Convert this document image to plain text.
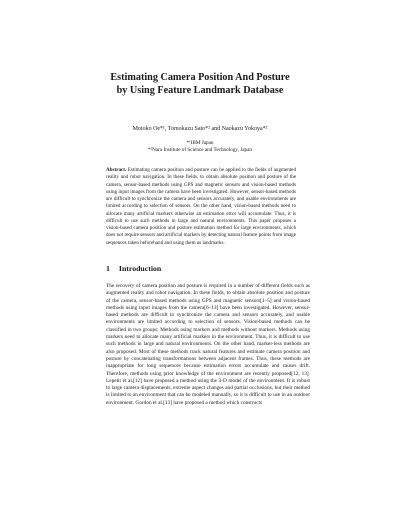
Estimating Camera Position And Posture
by Using Feature Landmark Database
Motoko Oe*¹, Tomokazu Sato*² and Naokazu Yokoya*²
*¹IBM Japan
*²Nara Institute of Science and Technology, Japan

Abstract. Estimating camera position and posture can be applied to the fields of augmented reality and robot navigation. In these fields, to obtain absolute position and posture of the camera, sensor-based methods using GPS and magnetic sensors and vision-based methods using input images from the camera have been investigated. However, sensor-based methods are difficult to synchronize the camera and sensors accurately, and usable environments are limited according to selection of sensors. On the other hand, vision-based methods need to allocate many artificial markers otherwise an estimation error will accumulate. Thus, it is difficult to use such methods in large and natural environments. This paper proposes a vision-based camera position and posture estimation method for large environments, which does not require sensors and artificial markers by detecting natural feature points from image sequences taken beforehand and using them as landmarks.

1 Introduction

The recovery of camera position and posture is required in a number of different fields such as augmented reality and robot navigation. In these fields, to obtain absolute position and posture of the camera, sensor-based methods using GPS and magnetic sensors[1–5] and vision-based methods using input images from the camera[6–13] have been investigated. However, sensor-based methods are difficult to synchronize the camera and sensors accurately, and usable environments are limited according to selection of sensors. Vision-based methods can be classified in two groups: Methods using markers and methods without markers. Methods using markers need to allocate many artificial markers in the environment. Thus, it is difficult to use such methods in large and natural environments. On the other hand, marker-less methods are also proposed. Most of these methods track natural features and estimate camera position and posture by concatenating transformations between adjacent frames. Thus, these methods are inappropriate for long sequences because estimation errors accumulate and causes drift. Therefore, methods using prior knowledge of the environment are recently proposed[12, 13]. Lepetit et al.[12] have proposed a method using the 3-D model of the environment. It is robust to large camera displacements, extreme aspect changes and partial occlusions, but their method is limited to an environment that can be modeled manually, so it is difficult to use in an outdoor environment. Gordon et al.[13] have proposed a method which constructs
